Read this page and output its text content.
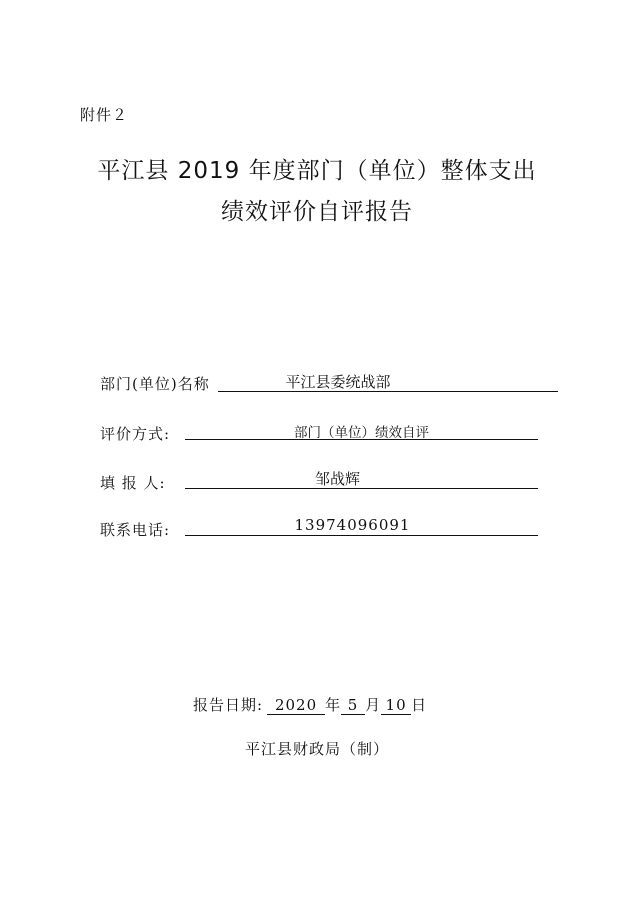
附件２
平江县 2019 年度部门（单位）整体支出
绩效评价自评报告
部门(单位)名称	平江县委统战部
评价方式:	部门（单位）绩效自评
填 报 人:	邹战辉
联系电话:	13974096091
报告日期: 2020 年 5 月 10 日
平江县财政局（制）
